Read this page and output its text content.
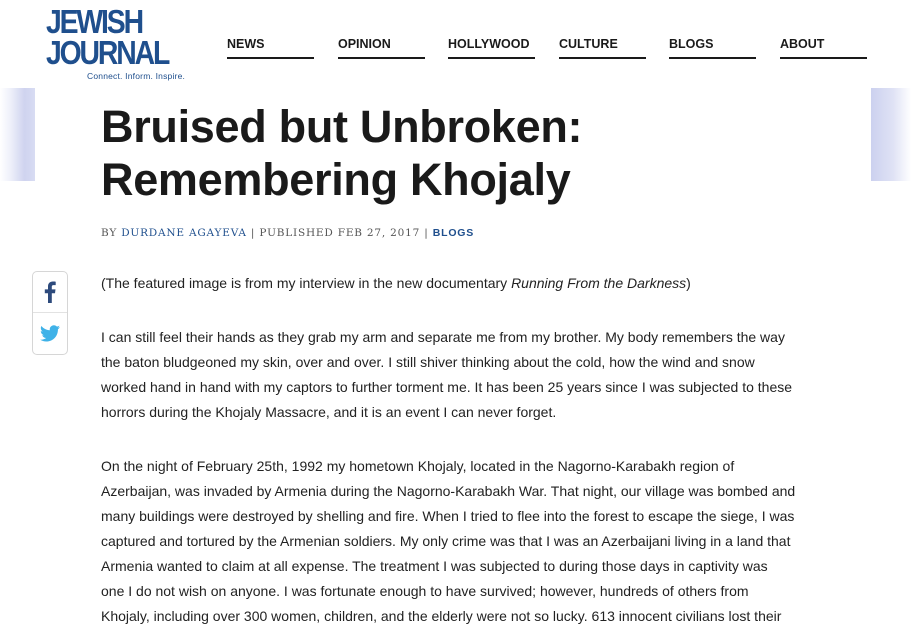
JEWISH
JOURNAL
Connect. Inform. Inspire.
NEWS	OPINION	HOLLYWOOD	CULTURE	BLOGS	ABOUT
Bruised but Unbroken:
Remembering Khojaly
BY DURDANE AGAYEVA | PUBLISHED FEB 27, 2017 | BLOGS

(The featured image is from my interview in the new documentary Running From the Darkness)

I can still feel their hands as they grab my arm and separate me from my brother. My body remembers the way
the baton bludgeoned my skin, over and over. I still shiver thinking about the cold, how the wind and snow
worked hand in hand with my captors to further torment me. It has been 25 years since I was subjected to these
horrors during the Khojaly Massacre, and it is an event I can never forget.

On the night of February 25th, 1992 my hometown Khojaly, located in the Nagorno-Karabakh region of
Azerbaijan, was invaded by Armenia during the Nagorno-Karabakh War. That night, our village was bombed and
many buildings were destroyed by shelling and fire. When I tried to flee into the forest to escape the siege, I was
captured and tortured by the Armenian soldiers. My only crime was that I was an Azerbaijani living in a land that
Armenia wanted to claim at all expense. The treatment I was subjected to during those days in captivity was
one I do not wish on anyone. I was fortunate enough to have survived; however, hundreds of others from
Khojaly, including over 300 women, children, and the elderly were not so lucky. 613 innocent civilians lost their
